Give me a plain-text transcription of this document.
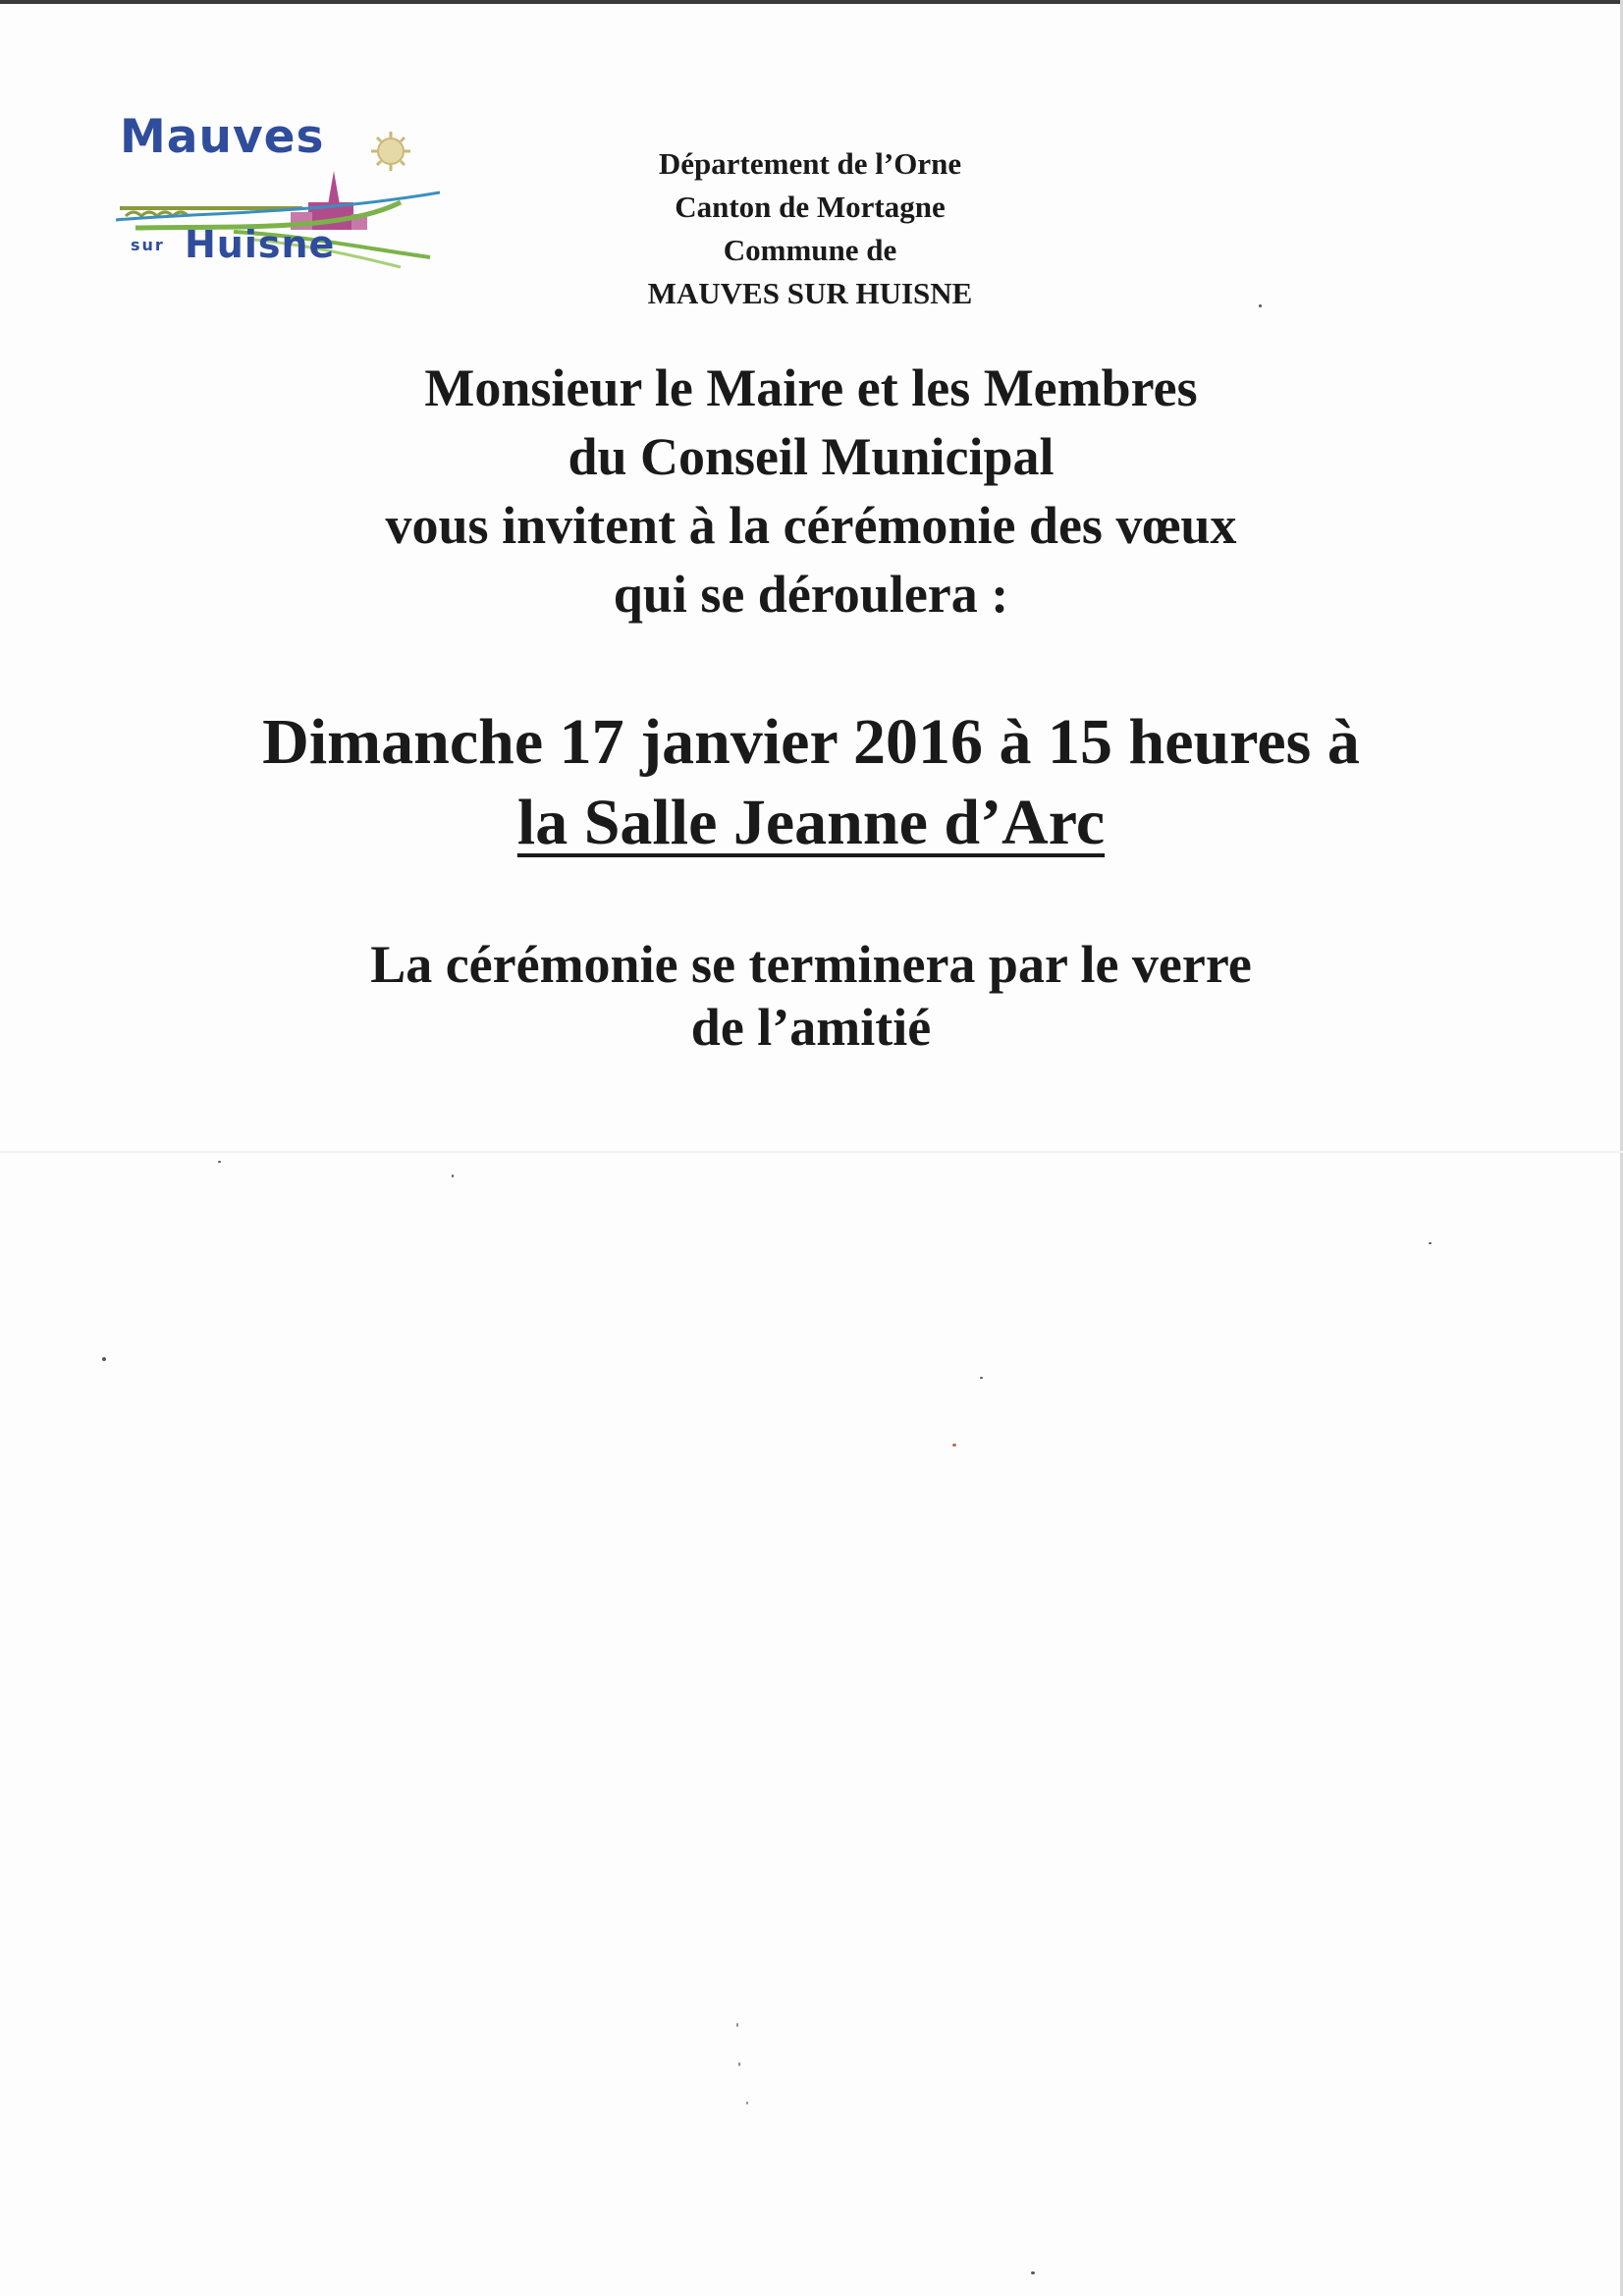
Mauves
sur Huisne
Département de l’Orne
Canton de Mortagne
Commune de
MAUVES SUR HUISNE
Monsieur le Maire et les Membres
du Conseil Municipal
vous invitent à la cérémonie des vœux
qui se déroulera :
Dimanche 17 janvier 2016 à 15 heures à
la Salle Jeanne d’Arc
La cérémonie se terminera par le verre
de l’amitié
